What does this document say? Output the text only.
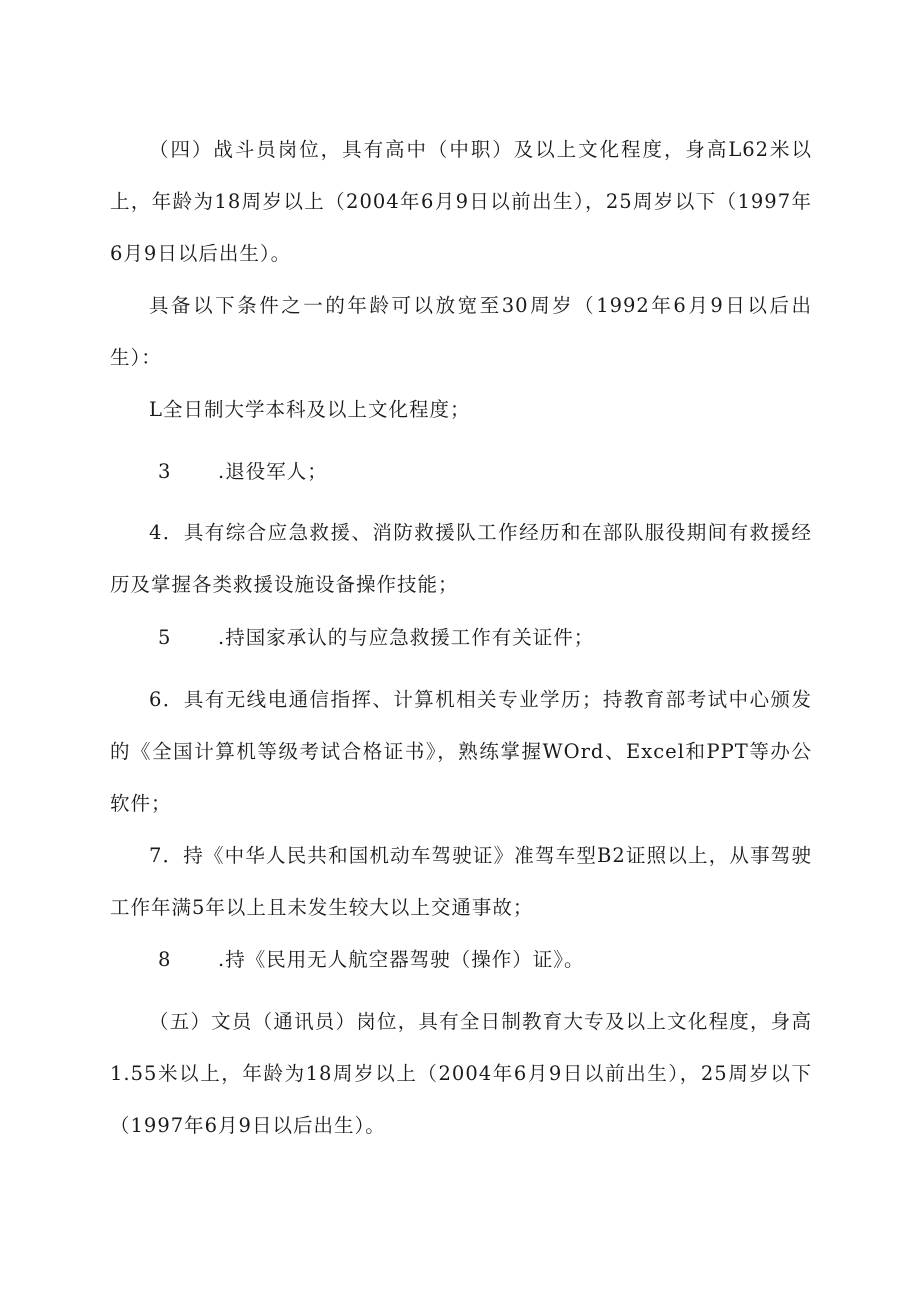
（四）战斗员岗位，具有高中（中职）及以上文化程度，身高L62米以上，年龄为18周岁以上（2004年6月9日以前出生），25周岁以下（1997年6月9日以后出生）。

具备以下条件之一的年龄可以放宽至30周岁（1992年6月9日以后出生）：

L全日制大学本科及以上文化程度；

3 .退役军人；

4．具有综合应急救援、消防救援队工作经历和在部队服役期间有救援经历及掌握各类救援设施设备操作技能；

5 .持国家承认的与应急救援工作有关证件；

6．具有无线电通信指挥、计算机相关专业学历；持教育部考试中心颁发的《全国计算机等级考试合格证书》，熟练掌握WOrd、Excel和PPT等办公软件；

7．持《中华人民共和国机动车驾驶证》准驾车型B2证照以上，从事驾驶工作年满5年以上且未发生较大以上交通事故；

8 .持《民用无人航空器驾驶（操作）证》。

（五）文员（通讯员）岗位，具有全日制教育大专及以上文化程度，身高1.55米以上，年龄为18周岁以上（2004年6月9日以前出生），25周岁以下（1997年6月9日以后出生）。
